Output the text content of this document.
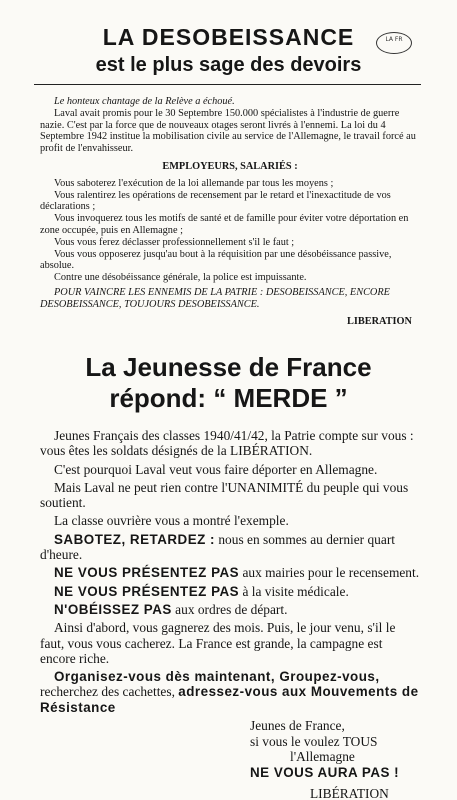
LA DESOBEISSANCE	LA FR
est le plus sage des devoirs

Le honteux chantage de la Relève a échoué.

Laval avait promis pour le 30 Septembre 150.000 spécialistes à l'industrie de guerre nazie. C'est par la force que de nouveaux otages seront livrés à l'ennemi. La loi du 4 Septembre 1942 institue la mobilisation civile au service de l'Allemagne, le travail forcé au profit de l'envahisseur.

EMPLOYEURS, SALARIÉS :

Vous saboterez l'exécution de la loi allemande par tous les moyens ;

Vous ralentirez les opérations de recensement par le retard et l'inexactitude de vos déclarations ;

Vous invoquerez tous les motifs de santé et de famille pour éviter votre déportation en zone occupée, puis en Allemagne ;

Vous vous ferez déclasser professionnellement s'il le faut ;

Vous vous opposerez jusqu'au bout à la réquisition par une désobéissance passive, absolue.

Contre une désobéissance générale, la police est impuissante.

POUR VAINCRE LES ENNEMIS DE LA PATRIE : DESOBEISSANCE, ENCORE DESOBEISSANCE, TOUJOURS DESOBEISSANCE.

LIBERATION

La Jeunesse de France
répond: “ MERDE ”

Jeunes Français des classes 1940/41/42, la Patrie compte sur vous : vous êtes les soldats désignés de la LIBÉRATION.

C'est pourquoi Laval veut vous faire déporter en Allemagne.

Mais Laval ne peut rien contre l'UNANIMITÉ du peuple qui vous soutient.

La classe ouvrière vous a montré l'exemple.

SABOTEZ, RETARDEZ : nous en sommes au dernier quart d'heure.

NE VOUS PRÉSENTEZ PAS aux mairies pour le recensement.

NE VOUS PRÉSENTEZ PAS à la visite médicale.

N'OBÉISSEZ PAS aux ordres de départ.

Ainsi d'abord, vous gagnerez des mois. Puis, le jour venu, s'il le faut, vous vous cacherez. La France est grande, la campagne est encore riche.

Organisez-vous dès maintenant, Groupez-vous, recherchez des cachettes, adressez-vous aux Mouvements de Résistance

Jeunes de France,
si vous le voulez TOUS
l'Allemagne
NE VOUS AURA PAS !
LIBÉRATION
